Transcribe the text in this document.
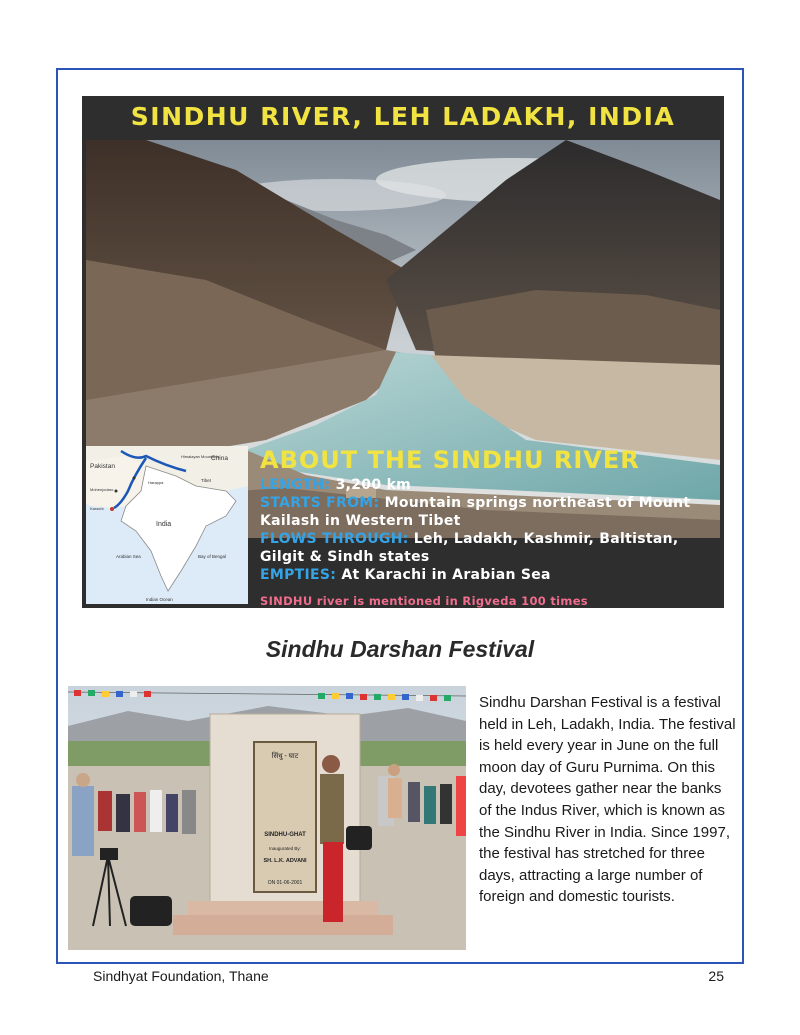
SINDHU RIVER, LEH LADAKH, INDIA
Pakistan
China
Himalayan Mountains
Tibet
Harappa
Mohenjodaro
Karachi
India
Arabian Sea	Bay of Bengal
Indian Ocean
ABOUT THE SINDHU RIVER
LENGTH: 3,200 km
STARTS FROM: Mountain springs northeast of Mount Kailash in Western Tibet
FLOWS THROUGH: Leh, Ladakh, Kashmir, Baltistan, Gilgit & Sindh states
EMPTIES: At Karachi in Arabian Sea
SINDHU river is mentioned in Rigveda 100 times
Sindhu Darshan Festival
सिंधु - घाट
SINDHU-GHAT
Inaugurated By:
SH. L.K. ADVANI
ON 01-06-2001
Sindhu Darshan Festival is a festival held in Leh, Ladakh, India. The festival is held every year in June on the full moon day of Guru Purnima. On this day, devotees gather near the banks of the Indus River, which is known as the Sindhu River in India. Since 1997, the festival has stretched for three days, attracting a large number of foreign and domestic tourists.
Sindhyat Foundation, Thane	25
